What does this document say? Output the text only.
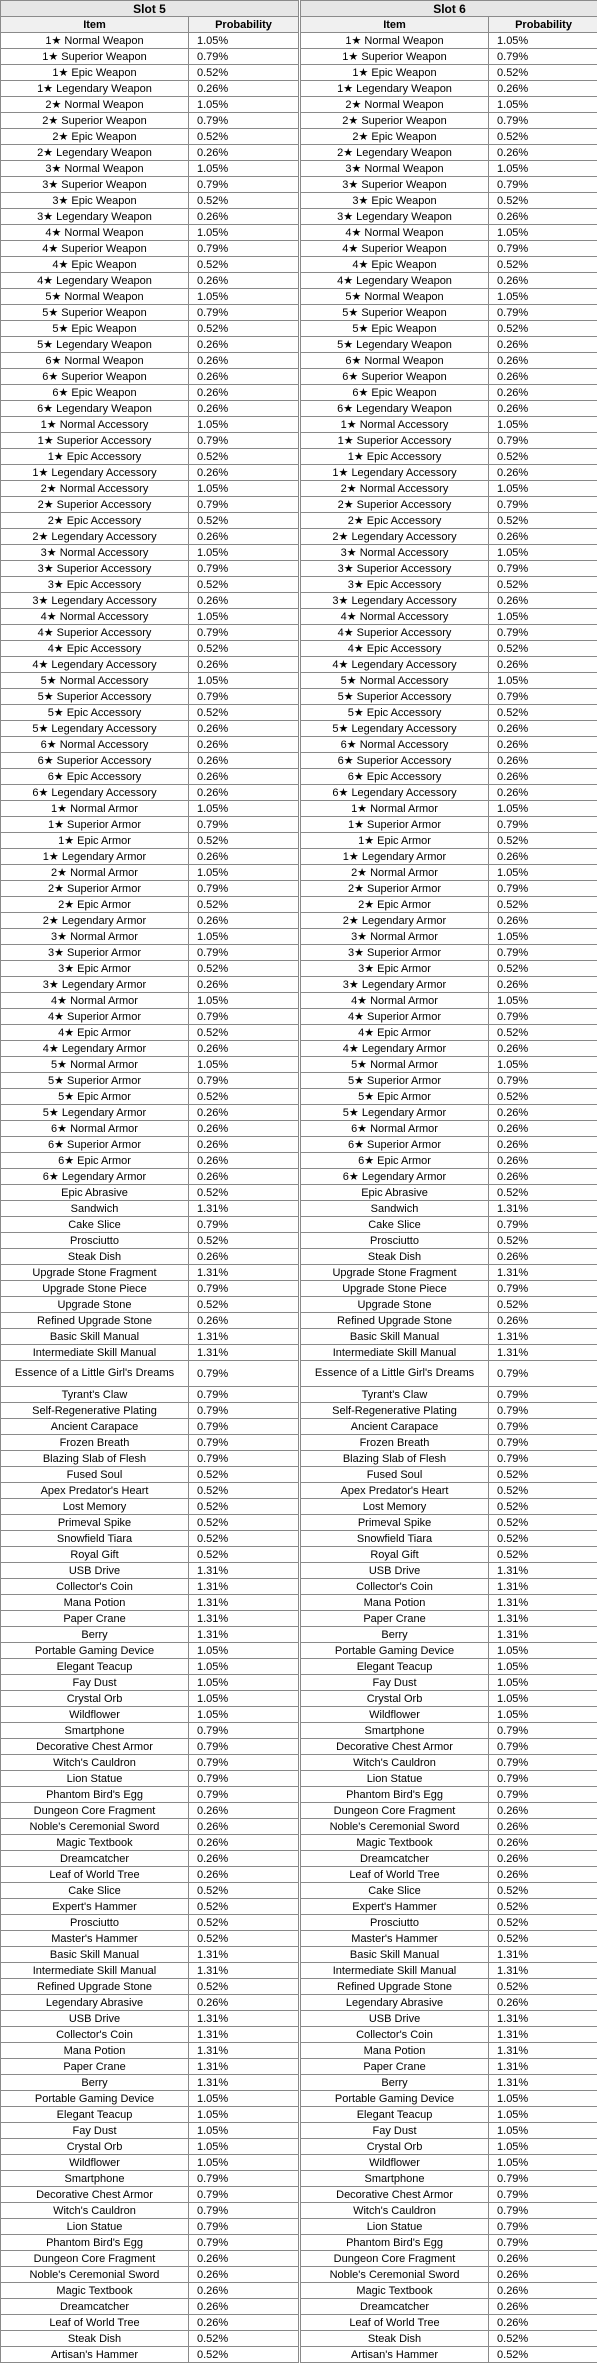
Slot 5	
Item	Probability
1★ Normal Weapon	1.05%
1★ Superior Weapon	0.79%
1★ Epic Weapon	0.52%
1★ Legendary Weapon	0.26%
2★ Normal Weapon	1.05%
2★ Superior Weapon	0.79%
2★ Epic Weapon	0.52%
2★ Legendary Weapon	0.26%
3★ Normal Weapon	1.05%
3★ Superior Weapon	0.79%
3★ Epic Weapon	0.52%
3★ Legendary Weapon	0.26%
4★ Normal Weapon	1.05%
4★ Superior Weapon	0.79%
4★ Epic Weapon	0.52%
4★ Legendary Weapon	0.26%
5★ Normal Weapon	1.05%
5★ Superior Weapon	0.79%
5★ Epic Weapon	0.52%
5★ Legendary Weapon	0.26%
6★ Normal Weapon	0.26%
6★ Superior Weapon	0.26%
6★ Epic Weapon	0.26%
6★ Legendary Weapon	0.26%
1★ Normal Accessory	1.05%
1★ Superior Accessory	0.79%
1★ Epic Accessory	0.52%
1★ Legendary Accessory	0.26%
2★ Normal Accessory	1.05%
2★ Superior Accessory	0.79%
2★ Epic Accessory	0.52%
2★ Legendary Accessory	0.26%
3★ Normal Accessory	1.05%
3★ Superior Accessory	0.79%
3★ Epic Accessory	0.52%
3★ Legendary Accessory	0.26%
4★ Normal Accessory	1.05%
4★ Superior Accessory	0.79%
4★ Epic Accessory	0.52%
4★ Legendary Accessory	0.26%
5★ Normal Accessory	1.05%
5★ Superior Accessory	0.79%
5★ Epic Accessory	0.52%
5★ Legendary Accessory	0.26%
6★ Normal Accessory	0.26%
6★ Superior Accessory	0.26%
6★ Epic Accessory	0.26%
6★ Legendary Accessory	0.26%
1★ Normal Armor	1.05%
1★ Superior Armor	0.79%
1★ Epic Armor	0.52%
1★ Legendary Armor	0.26%
2★ Normal Armor	1.05%
2★ Superior Armor	0.79%
2★ Epic Armor	0.52%
2★ Legendary Armor	0.26%
3★ Normal Armor	1.05%
3★ Superior Armor	0.79%
3★ Epic Armor	0.52%
3★ Legendary Armor	0.26%
4★ Normal Armor	1.05%
4★ Superior Armor	0.79%
4★ Epic Armor	0.52%
4★ Legendary Armor	0.26%
5★ Normal Armor	1.05%
5★ Superior Armor	0.79%
5★ Epic Armor	0.52%
5★ Legendary Armor	0.26%
6★ Normal Armor	0.26%
6★ Superior Armor	0.26%
6★ Epic Armor	0.26%
6★ Legendary Armor	0.26%
Epic Abrasive	0.52%
Sandwich	1.31%
Cake Slice	0.79%
Prosciutto	0.52%
Steak Dish	0.26%
Upgrade Stone Fragment	1.31%
Upgrade Stone Piece	0.79%
Upgrade Stone	0.52%
Refined Upgrade Stone	0.26%
Basic Skill Manual	1.31%
Intermediate Skill Manual	1.31%
Essence of a Little Girl's Dreams	0.79%
Tyrant's Claw	0.79%
Self-Regenerative Plating	0.79%
Ancient Carapace	0.79%
Frozen Breath	0.79%
Blazing Slab of Flesh	0.79%
Fused Soul	0.52%
Apex Predator's Heart	0.52%
Lost Memory	0.52%
Primeval Spike	0.52%
Snowfield Tiara	0.52%
Royal Gift	0.52%
USB Drive	1.31%
Collector's Coin	1.31%
Mana Potion	1.31%
Paper Crane	1.31%
Berry	1.31%
Portable Gaming Device	1.05%
Elegant Teacup	1.05%
Fay Dust	1.05%
Crystal Orb	1.05%
Wildflower	1.05%
Smartphone	0.79%
Decorative Chest Armor	0.79%
Witch's Cauldron	0.79%
Lion Statue	0.79%
Phantom Bird's Egg	0.79%
Dungeon Core Fragment	0.26%
Noble's Ceremonial Sword	0.26%
Magic Textbook	0.26%
Dreamcatcher	0.26%
Leaf of World Tree	0.26%
Cake Slice	0.52%
Expert's Hammer	0.52%
Prosciutto	0.52%
Master's Hammer	0.52%
Basic Skill Manual	1.31%
Intermediate Skill Manual	1.31%
Refined Upgrade Stone	0.52%
Legendary Abrasive	0.26%
USB Drive	1.31%
Collector's Coin	1.31%
Mana Potion	1.31%
Paper Crane	1.31%
Berry	1.31%
Portable Gaming Device	1.05%
Elegant Teacup	1.05%
Fay Dust	1.05%
Crystal Orb	1.05%
Wildflower	1.05%
Smartphone	0.79%
Decorative Chest Armor	0.79%
Witch's Cauldron	0.79%
Lion Statue	0.79%
Phantom Bird's Egg	0.79%
Dungeon Core Fragment	0.26%
Noble's Ceremonial Sword	0.26%
Magic Textbook	0.26%
Dreamcatcher	0.26%
Leaf of World Tree	0.26%
Steak Dish	0.52%
Artisan's Hammer	0.52%
Slot 6	
Item	Probability
1★ Normal Weapon	1.05%
1★ Superior Weapon	0.79%
1★ Epic Weapon	0.52%
1★ Legendary Weapon	0.26%
2★ Normal Weapon	1.05%
2★ Superior Weapon	0.79%
2★ Epic Weapon	0.52%
2★ Legendary Weapon	0.26%
3★ Normal Weapon	1.05%
3★ Superior Weapon	0.79%
3★ Epic Weapon	0.52%
3★ Legendary Weapon	0.26%
4★ Normal Weapon	1.05%
4★ Superior Weapon	0.79%
4★ Epic Weapon	0.52%
4★ Legendary Weapon	0.26%
5★ Normal Weapon	1.05%
5★ Superior Weapon	0.79%
5★ Epic Weapon	0.52%
5★ Legendary Weapon	0.26%
6★ Normal Weapon	0.26%
6★ Superior Weapon	0.26%
6★ Epic Weapon	0.26%
6★ Legendary Weapon	0.26%
1★ Normal Accessory	1.05%
1★ Superior Accessory	0.79%
1★ Epic Accessory	0.52%
1★ Legendary Accessory	0.26%
2★ Normal Accessory	1.05%
2★ Superior Accessory	0.79%
2★ Epic Accessory	0.52%
2★ Legendary Accessory	0.26%
3★ Normal Accessory	1.05%
3★ Superior Accessory	0.79%
3★ Epic Accessory	0.52%
3★ Legendary Accessory	0.26%
4★ Normal Accessory	1.05%
4★ Superior Accessory	0.79%
4★ Epic Accessory	0.52%
4★ Legendary Accessory	0.26%
5★ Normal Accessory	1.05%
5★ Superior Accessory	0.79%
5★ Epic Accessory	0.52%
5★ Legendary Accessory	0.26%
6★ Normal Accessory	0.26%
6★ Superior Accessory	0.26%
6★ Epic Accessory	0.26%
6★ Legendary Accessory	0.26%
1★ Normal Armor	1.05%
1★ Superior Armor	0.79%
1★ Epic Armor	0.52%
1★ Legendary Armor	0.26%
2★ Normal Armor	1.05%
2★ Superior Armor	0.79%
2★ Epic Armor	0.52%
2★ Legendary Armor	0.26%
3★ Normal Armor	1.05%
3★ Superior Armor	0.79%
3★ Epic Armor	0.52%
3★ Legendary Armor	0.26%
4★ Normal Armor	1.05%
4★ Superior Armor	0.79%
4★ Epic Armor	0.52%
4★ Legendary Armor	0.26%
5★ Normal Armor	1.05%
5★ Superior Armor	0.79%
5★ Epic Armor	0.52%
5★ Legendary Armor	0.26%
6★ Normal Armor	0.26%
6★ Superior Armor	0.26%
6★ Epic Armor	0.26%
6★ Legendary Armor	0.26%
Epic Abrasive	0.52%
Sandwich	1.31%
Cake Slice	0.79%
Prosciutto	0.52%
Steak Dish	0.26%
Upgrade Stone Fragment	1.31%
Upgrade Stone Piece	0.79%
Upgrade Stone	0.52%
Refined Upgrade Stone	0.26%
Basic Skill Manual	1.31%
Intermediate Skill Manual	1.31%
Essence of a Little Girl's Dreams	0.79%
Tyrant's Claw	0.79%
Self-Regenerative Plating	0.79%
Ancient Carapace	0.79%
Frozen Breath	0.79%
Blazing Slab of Flesh	0.79%
Fused Soul	0.52%
Apex Predator's Heart	0.52%
Lost Memory	0.52%
Primeval Spike	0.52%
Snowfield Tiara	0.52%
Royal Gift	0.52%
USB Drive	1.31%
Collector's Coin	1.31%
Mana Potion	1.31%
Paper Crane	1.31%
Berry	1.31%
Portable Gaming Device	1.05%
Elegant Teacup	1.05%
Fay Dust	1.05%
Crystal Orb	1.05%
Wildflower	1.05%
Smartphone	0.79%
Decorative Chest Armor	0.79%
Witch's Cauldron	0.79%
Lion Statue	0.79%
Phantom Bird's Egg	0.79%
Dungeon Core Fragment	0.26%
Noble's Ceremonial Sword	0.26%
Magic Textbook	0.26%
Dreamcatcher	0.26%
Leaf of World Tree	0.26%
Cake Slice	0.52%
Expert's Hammer	0.52%
Prosciutto	0.52%
Master's Hammer	0.52%
Basic Skill Manual	1.31%
Intermediate Skill Manual	1.31%
Refined Upgrade Stone	0.52%
Legendary Abrasive	0.26%
USB Drive	1.31%
Collector's Coin	1.31%
Mana Potion	1.31%
Paper Crane	1.31%
Berry	1.31%
Portable Gaming Device	1.05%
Elegant Teacup	1.05%
Fay Dust	1.05%
Crystal Orb	1.05%
Wildflower	1.05%
Smartphone	0.79%
Decorative Chest Armor	0.79%
Witch's Cauldron	0.79%
Lion Statue	0.79%
Phantom Bird's Egg	0.79%
Dungeon Core Fragment	0.26%
Noble's Ceremonial Sword	0.26%
Magic Textbook	0.26%
Dreamcatcher	0.26%
Leaf of World Tree	0.26%
Steak Dish	0.52%
Artisan's Hammer	0.52%
